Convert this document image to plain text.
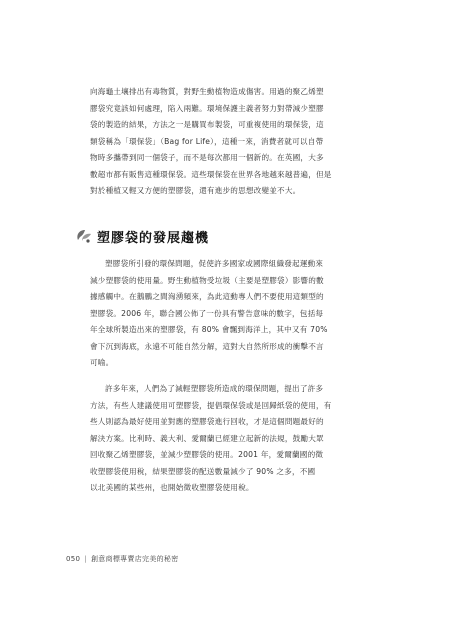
向海龜土壤排出有毒物質，對野生動植物造成傷害。用過的聚乙烯塑
膠袋究竟該如何處理，陷入兩難。環境保護主義者努力對帶減少塑膠
袋的製造的結果，方法之一是購買布製袋，可重複使用的環保袋，這
類袋稱為「環保袋」（Bag for Life），這種一來，消費者就可以自帶
物時多攜帶到同一個袋子，而不是每次都用一個新的。在英國，大多
數超市都有販售這種環保袋。這些環保袋在世界各地越來越普遍，但是
對於種植又輕又方便的塑膠袋，還有進步的思想改變並不大。
塑膠袋的發展趨機
塑膠袋所引發的環保問題，促使許多國家或國際組織發起運動來
減少塑膠袋的使用量。野生動植物受垃圾（主要是塑膠袋）影響的數
據感觸中。在鵝鵬之間洶湧頻來，為此這動專人們不要使用這類型的
塑膠袋。2006 年，聯合國公佈了一份具有警告意味的數字，包括每
年全球所製造出來的塑膠袋，有 80% 會飄到海洋上，其中又有 70%
會下沉到海底，永遠不可能自然分解，這對大自然所形成的衝擊不言
可喻。
許多年來，人們為了減輕塑膠袋所造成的環保問題，提出了許多
方法，有些人建議使用可塑膠袋，提倡環保袋或是回歸紙袋的使用，有
些人則認為最好使用並對應的塑膠袋進行回收，才是這個問題最好的
解決方案。比利時、義大利、愛爾蘭已經建立起新的法規，鼓勵大眾
回收聚乙烯塑膠袋，並減少塑膠袋的使用。2001 年，愛爾蘭國的徵
收塑膠袋使用稅，結果塑膠袋的配送數量減少了 90% 之多，不國
以北美國的某些州，也開始徵收塑膠袋使用稅。
050 | 創意商標專賣店完美的秘密
